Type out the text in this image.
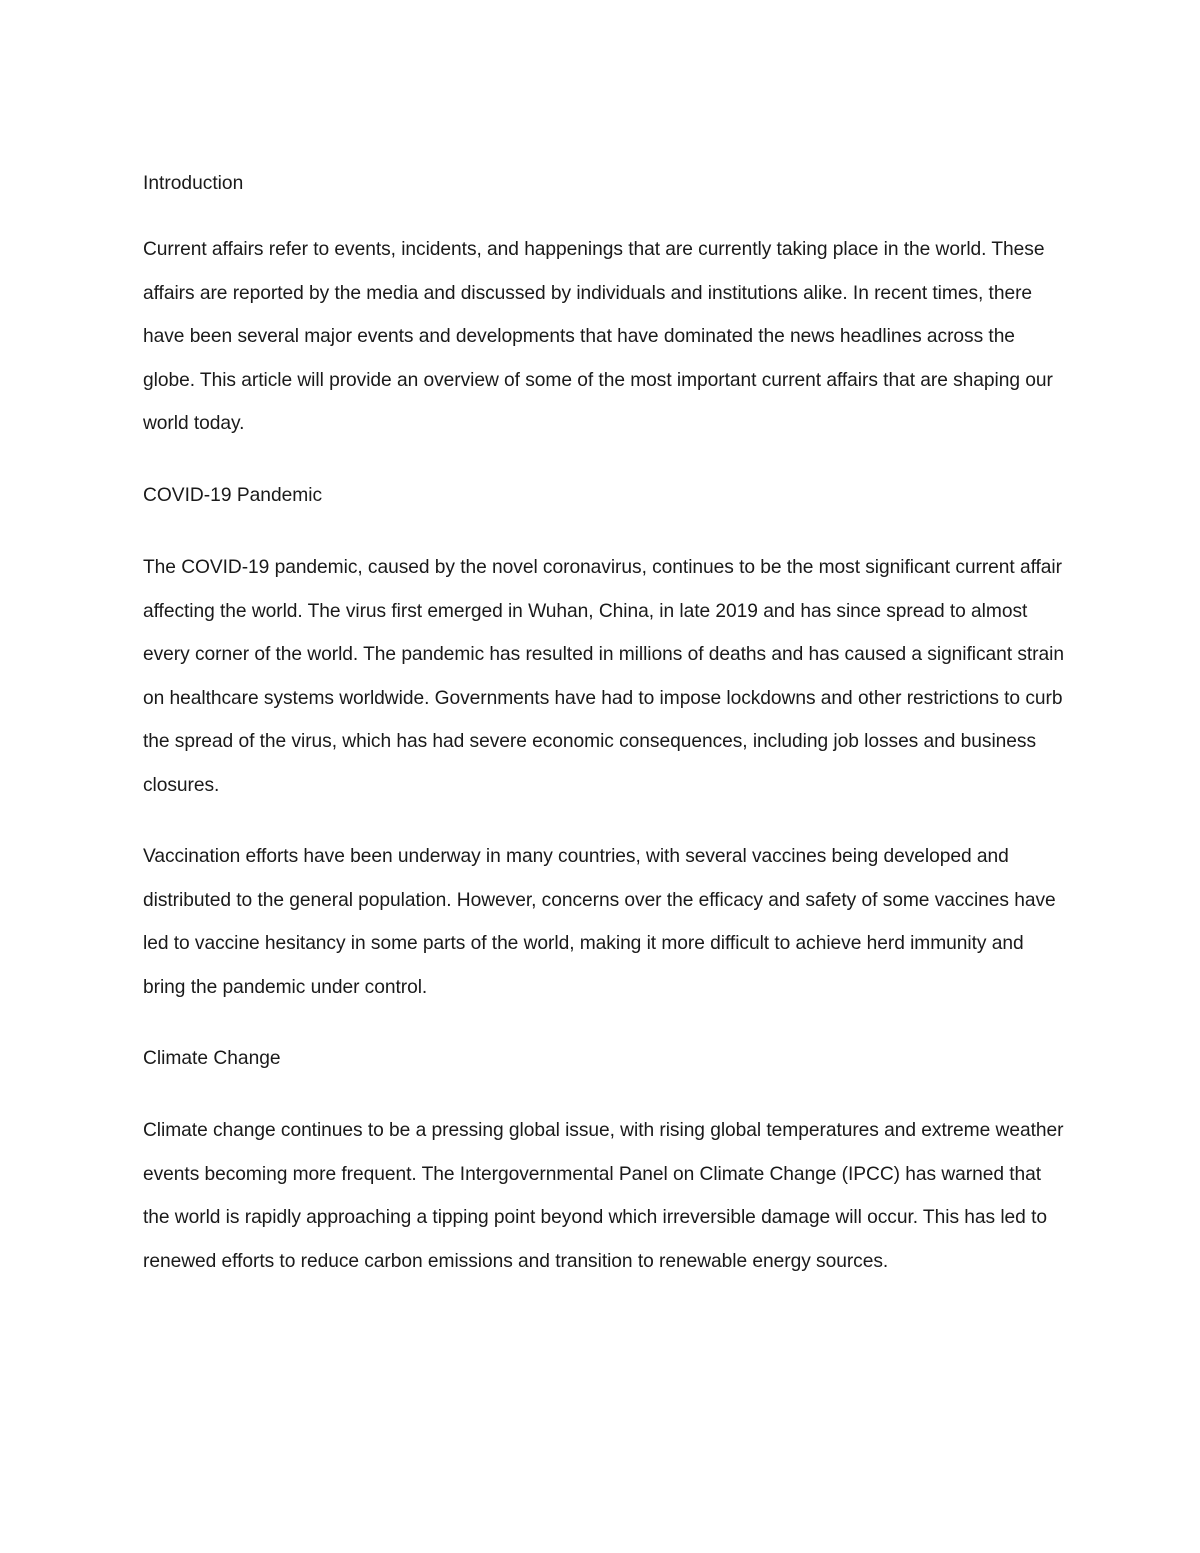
Introduction

Current affairs refer to events, incidents, and happenings that are currently taking place in the world. These affairs are reported by the media and discussed by individuals and institutions alike. In recent times, there have been several major events and developments that have dominated the news headlines across the globe. This article will provide an overview of some of the most important current affairs that are shaping our world today.

COVID-19 Pandemic

The COVID-19 pandemic, caused by the novel coronavirus, continues to be the most significant current affair affecting the world. The virus first emerged in Wuhan, China, in late 2019 and has since spread to almost every corner of the world. The pandemic has resulted in millions of deaths and has caused a significant strain on healthcare systems worldwide. Governments have had to impose lockdowns and other restrictions to curb the spread of the virus, which has had severe economic consequences, including job losses and business closures.

Vaccination efforts have been underway in many countries, with several vaccines being developed and distributed to the general population. However, concerns over the efficacy and safety of some vaccines have led to vaccine hesitancy in some parts of the world, making it more difficult to achieve herd immunity and bring the pandemic under control.

Climate Change

Climate change continues to be a pressing global issue, with rising global temperatures and extreme weather events becoming more frequent. The Intergovernmental Panel on Climate Change (IPCC) has warned that the world is rapidly approaching a tipping point beyond which irreversible damage will occur. This has led to renewed efforts to reduce carbon emissions and transition to renewable energy sources.
